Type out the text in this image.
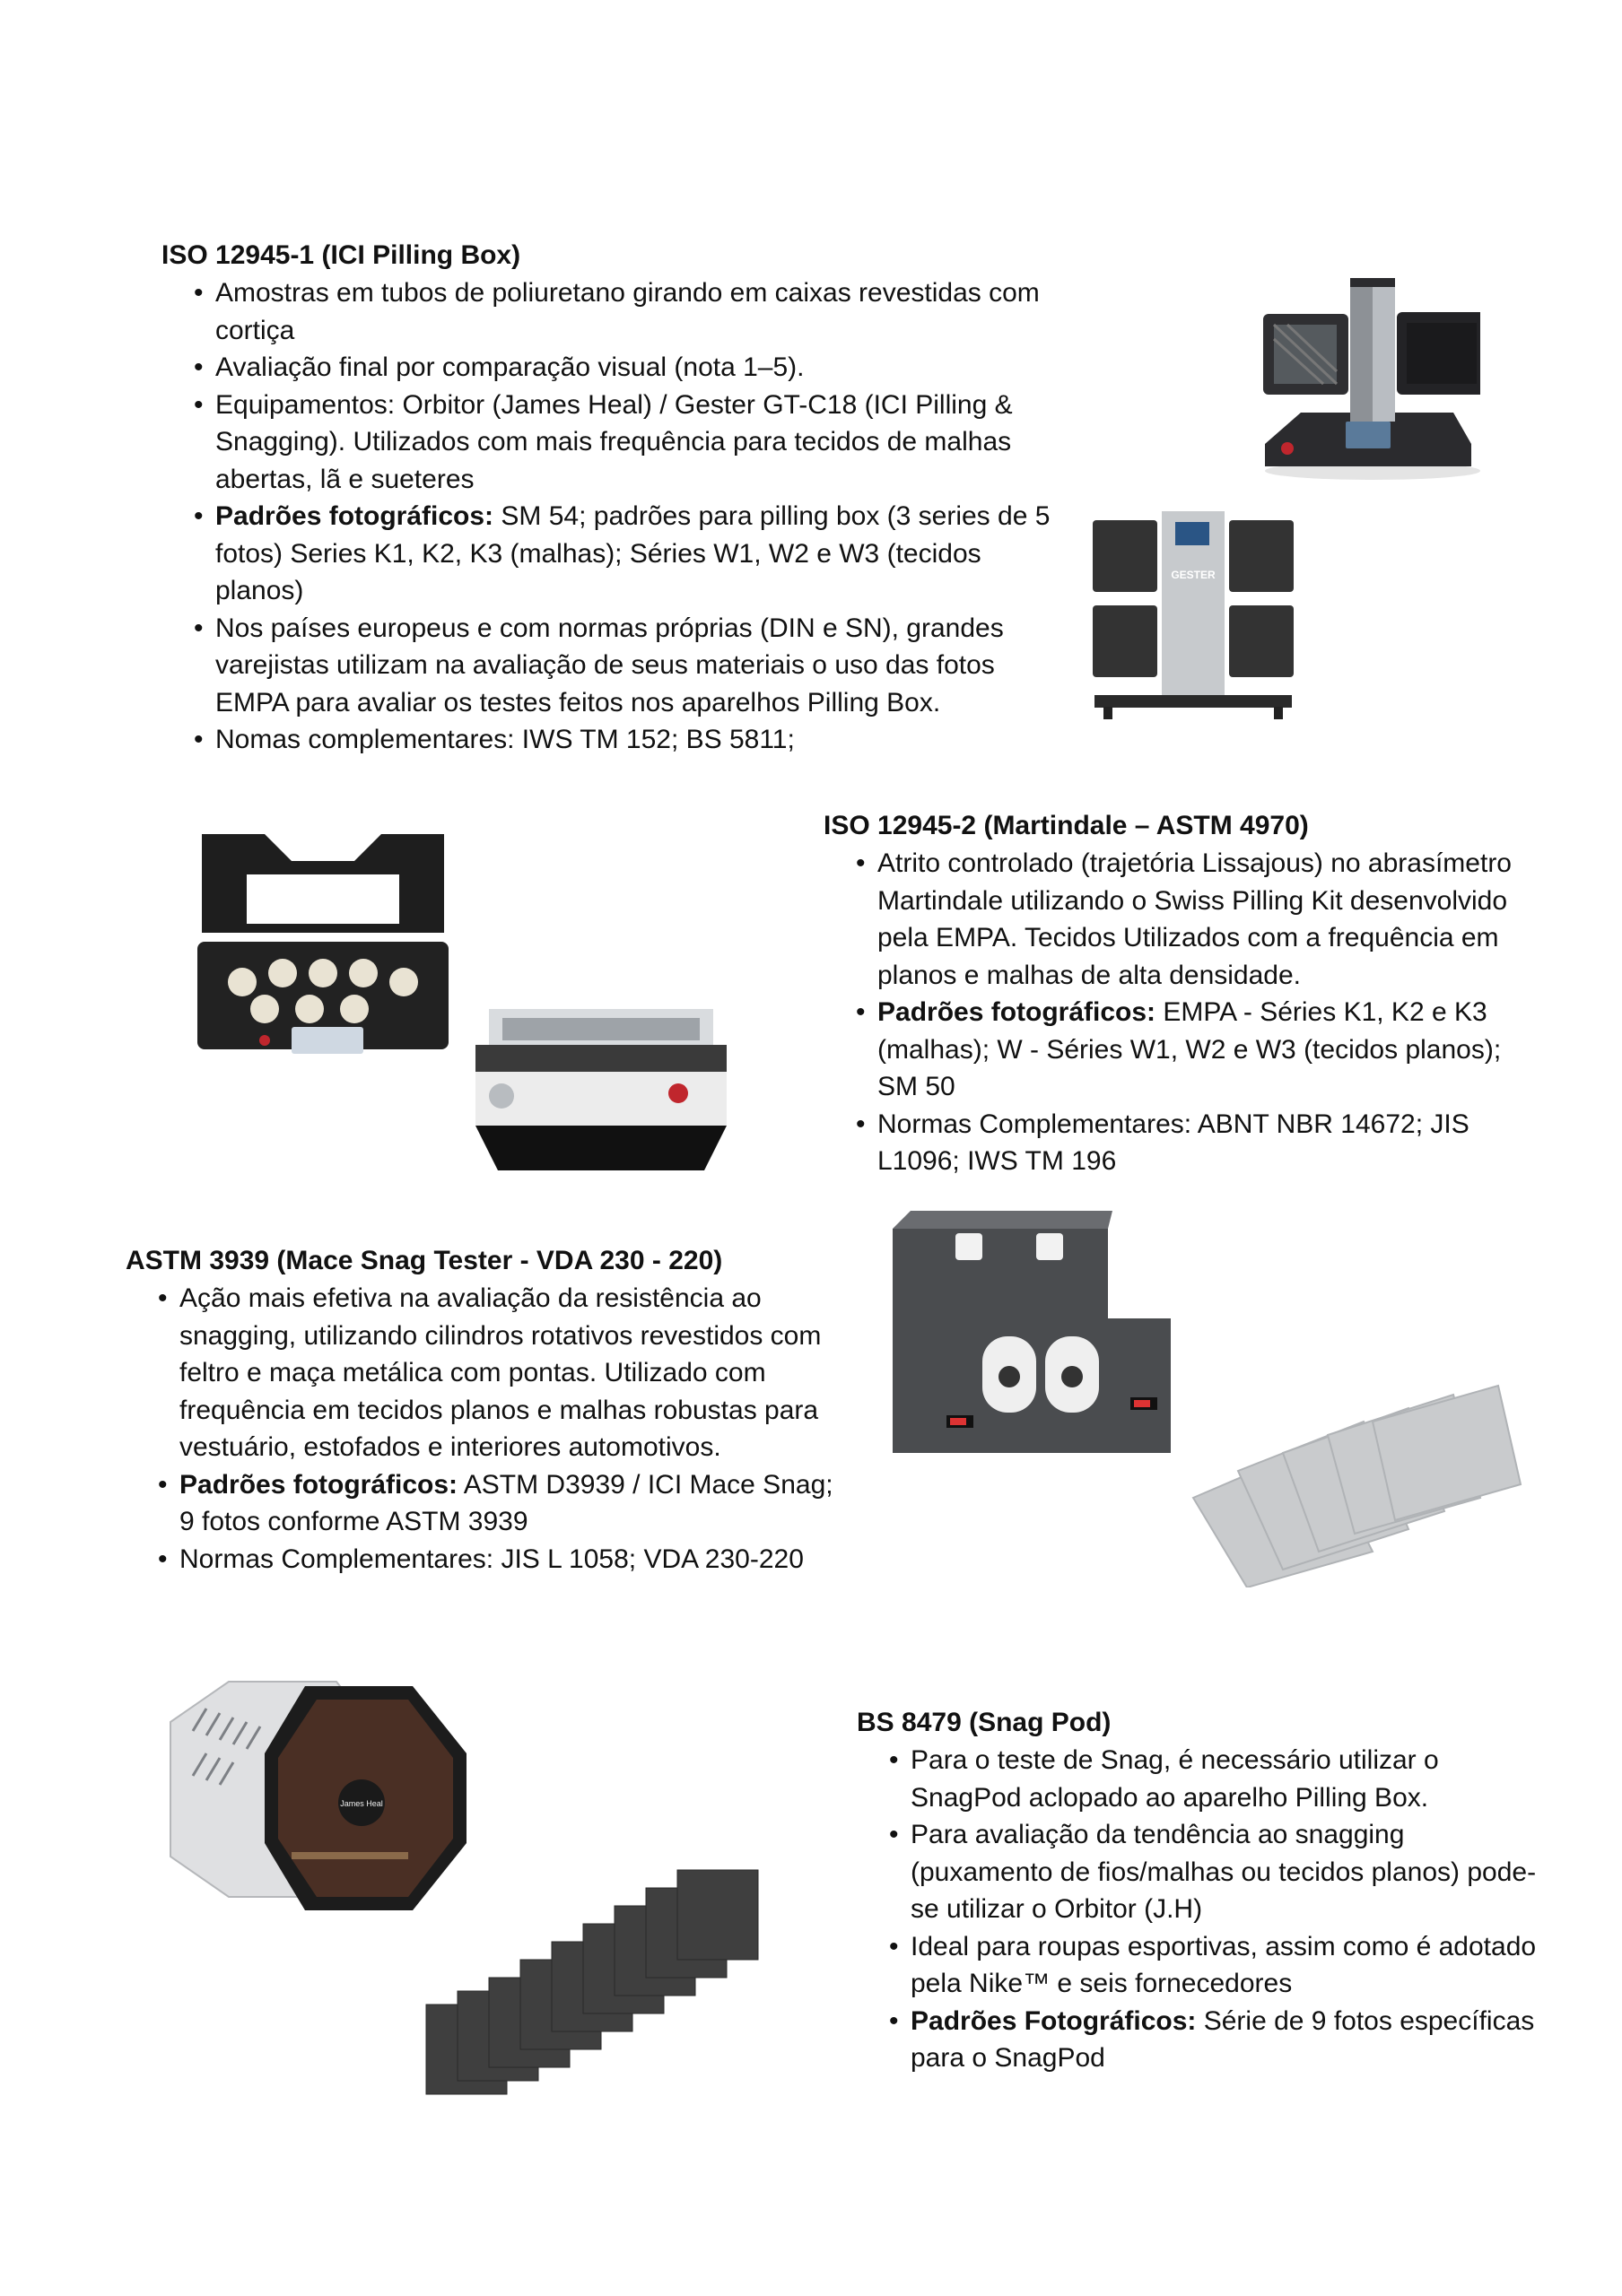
ISO 12945-1 (ICI Pilling Box)
• Amostras em tubos de poliuretano girando em caixas revestidas com cortiça
• Avaliação final por comparação visual (nota 1–5).
• Equipamentos: Orbitor (James Heal) / Gester GT-C18 (ICI Pilling & Snagging). Utilizados com mais frequência para tecidos de malhas abertas, lã e sueteres
• Padrões fotográficos: SM 54; padrões para pilling box (3 series de 5 fotos) Series K1, K2, K3 (malhas); Séries W1, W2 e W3 (tecidos planos)
• Nos países europeus e com normas próprias (DIN e SN), grandes varejistas utilizam na avaliação de seus materiais o uso das fotos EMPA para avaliar os testes feitos nos aparelhos Pilling Box.
• Nomas complementares: IWS TM 152; BS 5811;
GESTER
ISO 12945-2 (Martindale – ASTM 4970)
• Atrito controlado (trajetória Lissajous) no abrasímetro Martindale utilizando o Swiss Pilling Kit desenvolvido pela EMPA. Tecidos Utilizados com a frequência em planos e malhas de alta densidade.
• Padrões fotográficos: EMPA - Séries K1, K2 e K3 (malhas); W - Séries W1, W2 e W3 (tecidos planos); SM 50
• Normas Complementares: ABNT NBR 14672; JIS L1096; IWS TM 196
ASTM 3939 (Mace Snag Tester - VDA 230 - 220)
• Ação mais efetiva na avaliação da resistência ao snagging, utilizando cilindros rotativos revestidos com feltro e maça metálica com pontas. Utilizado com frequência em tecidos planos e malhas robustas para vestuário, estofados e interiores automotivos.
• Padrões fotográficos: ASTM D3939 / ICI Mace Snag; 9 fotos conforme ASTM 3939
• Normas Complementares: JIS L 1058; VDA 230-220
BS 8479 (Snag Pod)
• Para o teste de Snag, é necessário utilizar o SnagPod aclopado ao aparelho Pilling Box.
• Para avaliação da tendência ao snagging (puxamento de fios/malhas ou tecidos planos) pode-se utilizar o Orbitor (J.H)
• Ideal para roupas esportivas, assim como é adotado pela Nike™ e seis fornecedores
• Padrões Fotográficos: Série de 9 fotos específicas para o SnagPod
James Heal
